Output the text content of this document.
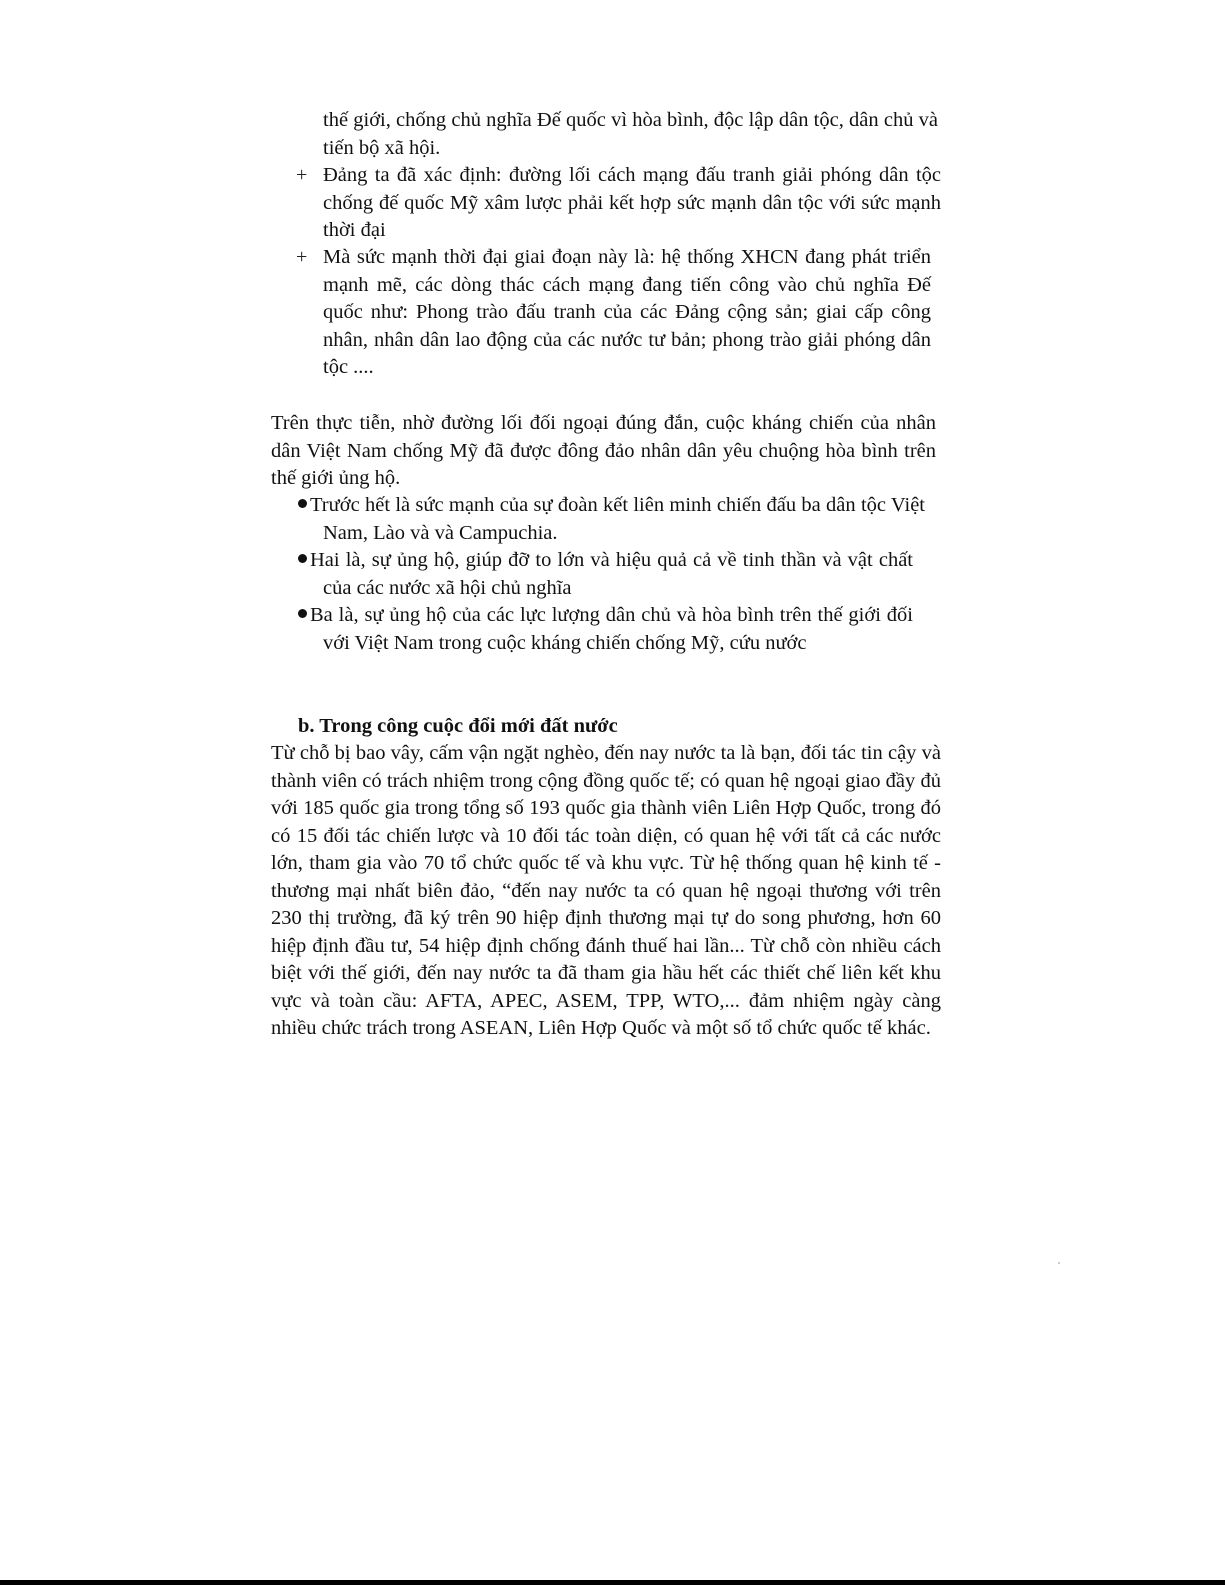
thế giới, chống chủ nghĩa Đế quốc vì hòa bình, độc lập dân tộc, dân chủ và tiến bộ xã hội.
+ Đảng ta đã xác định: đường lối cách mạng đấu tranh giải phóng dân tộc chống đế quốc Mỹ xâm lược phải kết hợp sức mạnh dân tộc với sức mạnh thời đại
+ Mà sức mạnh thời đại giai đoạn này là: hệ thống XHCN đang phát triển mạnh mẽ, các dòng thác cách mạng đang tiến công vào chủ nghĩa Đế quốc như: Phong trào đấu tranh của các Đảng cộng sản; giai cấp công nhân, nhân dân lao động của các nước tư bản; phong trào giải phóng dân tộc ....
Trên thực tiễn, nhờ đường lối đối ngoại đúng đắn, cuộc kháng chiến của nhân dân Việt Nam chống Mỹ đã được đông đảo nhân dân yêu chuộng hòa bình trên thế giới ủng hộ.
Trước hết là sức mạnh của sự đoàn kết liên minh chiến đấu ba dân tộc Việt Nam, Lào và và Campuchia.
Hai là, sự ủng hộ, giúp đỡ to lớn và hiệu quả cả về tinh thần và vật chất của các nước xã hội chủ nghĩa
Ba là, sự ủng hộ của các lực lượng dân chủ và hòa bình trên thế giới đối với Việt Nam trong cuộc kháng chiến chống Mỹ, cứu nước
b. Trong công cuộc đổi mới đất nước
Từ chỗ bị bao vây, cấm vận ngặt nghèo, đến nay nước ta là bạn, đối tác tin cậy và thành viên có trách nhiệm trong cộng đồng quốc tế; có quan hệ ngoại giao đầy đủ với 185 quốc gia trong tổng số 193 quốc gia thành viên Liên Hợp Quốc, trong đó có 15 đối tác chiến lược và 10 đối tác toàn diện, có quan hệ với tất cả các nước lớn, tham gia vào 70 tổ chức quốc tế và khu vực. Từ hệ thống quan hệ kinh tế - thương mại nhất biên đảo, “đến nay nước ta có quan hệ ngoại thương với trên 230 thị trường, đã ký trên 90 hiệp định thương mại tự do song phương, hơn 60 hiệp định đầu tư, 54 hiệp định chống đánh thuế hai lần... Từ chỗ còn nhiều cách biệt với thế giới, đến nay nước ta đã tham gia hầu hết các thiết chế liên kết khu vực và toàn cầu: AFTA, APEC, ASEM, TPP, WTO,... đảm nhiệm ngày càng nhiều chức trách trong ASEAN, Liên Hợp Quốc và một số tổ chức quốc tế khác.
